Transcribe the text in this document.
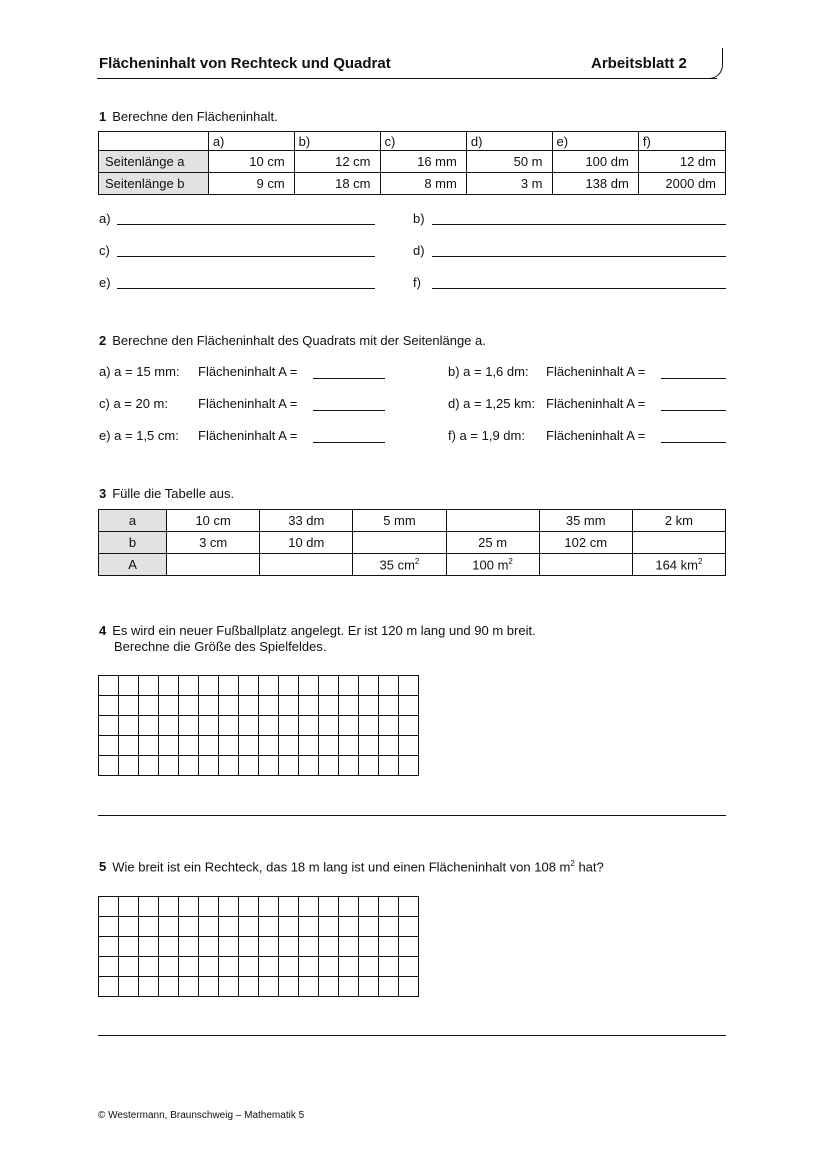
Flächeninhalt von Rechteck und Quadrat	Arbeitsblatt 2
1 Berechne den Flächeninhalt.
	a)	b)	c)	d)	e)	f)
Seitenlänge a	10 cm	12 cm	16 mm	50 m	100 dm	12 dm
Seitenlänge b	9 cm	18 cm	8 mm	3 m	138 dm	2000 dm
a)	b)
c)	d)
e)	f)
2 Berechne den Flächeninhalt des Quadrats mit der Seitenlänge a.
a) a = 15 mm: Flächeninhalt A =	b) a = 1,6 dm: Flächeninhalt A =
c) a = 20 m: Flächeninhalt A =	d) a = 1,25 km: Flächeninhalt A =
e) a = 1,5 cm: Flächeninhalt A =	f) a = 1,9 dm: Flächeninhalt A =
3 Fülle die Tabelle aus.
a	10 cm	33 dm	5 mm		35 mm	2 km
b	3 cm	10 dm		25 m	102 cm	
A			35 $cm^2$	100 $m^2$		164 $km^2$
4 Es wird ein neuer Fußballplatz angelegt. Er ist 120 m lang und 90 m breit.
Berechne die Größe des Spielfeldes.

5 Wie breit ist ein Rechteck, das 18 m lang ist und einen Flächeninhalt von 108 $m^2$ hat?

© Westermann, Braunschweig – Mathematik 5
